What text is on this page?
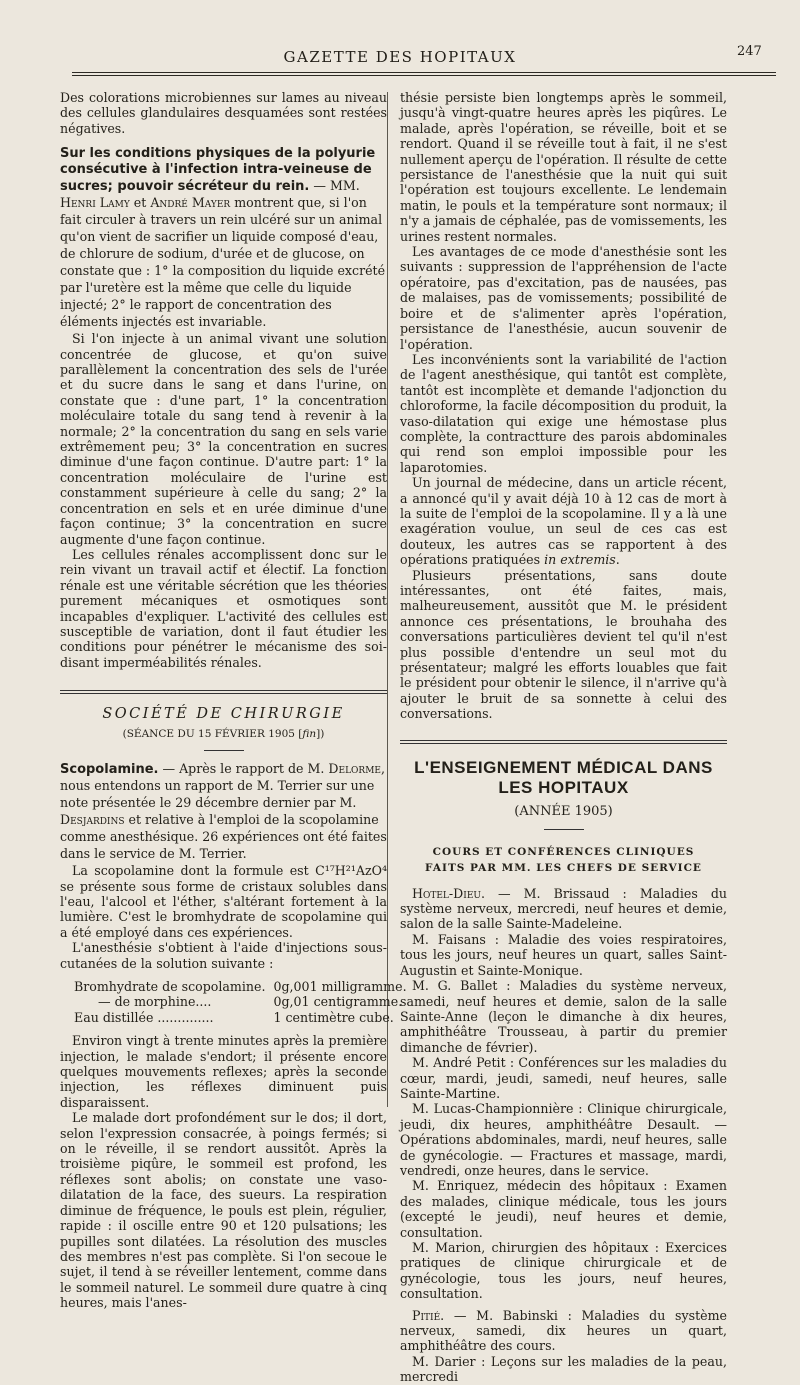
GAZETTE DES HOPITAUX	247

Des colorations microbiennes sur lames au niveau des cellules glandulaires desquamées sont restées négatives.

Sur les conditions physiques de la polyurie consécutive à l'infection intra-veineuse de sucres; pouvoir sécréteur du rein. — MM. Henri Lamy et André Mayer montrent que, si l'on fait circuler à travers un rein ulcéré sur un animal qu'on vient de sacrifier un liquide composé d'eau, de chlorure de sodium, d'urée et de glucose, on constate que : 1° la composition du liquide excrété par l'uretère est la même que celle du liquide injecté; 2° le rapport de concentration des éléments injectés est invariable.

Si l'on injecte à un animal vivant une solution concentrée de glucose, et qu'on suive parallèlement la concentration des sels de l'urée et du sucre dans le sang et dans l'urine, on constate que : d'une part, 1° la concentration moléculaire totale du sang tend à revenir à la normale; 2° la concentration du sang en sels varie extrêmement peu; 3° la concentration en sucres diminue d'une façon continue. D'autre part: 1° la concentration moléculaire de l'urine est constamment supérieure à celle du sang; 2° la concentration en sels et en urée diminue d'une façon continue; 3° la concentration en sucre augmente d'une façon continue.

Les cellules rénales accomplissent donc sur le rein vivant un travail actif et électif. La fonction rénale est une véritable sécrétion que les théories purement mécaniques et osmotiques sont incapables d'expliquer. L'activité des cellules est susceptible de variation, dont il faut étudier les conditions pour pénétrer le mécanisme des soi-disant imperméabilités rénales.

SOCIÉTÉ DE CHIRURGIE
(SÉANCE DU 15 FÉVRIER 1905 [fin])
Scopolamine. — Après le rapport de M. Delorme, nous entendons un rapport de M. Terrier sur une note présentée le 29 décembre dernier par M. Desjardins et relative à l'emploi de la scopolamine comme anesthésique. 26 expériences ont été faites dans le service de M. Terrier.

La scopolamine dont la formule est C¹⁷H²¹AzO⁴ se présente sous forme de cristaux solubles dans l'eau, l'alcool et l'éther, s'altérant fortement à la lumière. C'est le bromhydrate de scopolamine qui a été employé dans ces expériences.

L'anesthésie s'obtient à l'aide d'injections sous-cutanées de la solution suivante :

Bromhydrate de scopolamine.	0g,001 milligramme.
— de morphine....	0g,01 centigramme.
Eau distillée ..............	1 centimètre cube.

Environ vingt à trente minutes après la première injection, le malade s'endort; il présente encore quelques mouvements reflexes; après la seconde injection, les réflexes diminuent puis disparaissent.

Le malade dort profondément sur le dos; il dort, selon l'expression consacrée, à poings fermés; si on le réveille, il se rendort aussitôt. Après la troisième piqûre, le sommeil est profond, les réflexes sont abolis; on constate une vaso-dilatation de la face, des sueurs. La respiration diminue de fréquence, le pouls est plein, régulier, rapide : il oscille entre 90 et 120 pulsations; les pupilles sont dilatées. La résolution des muscles des membres n'est pas complète. Si l'on secoue le sujet, il tend à se réveiller lentement, comme dans le sommeil naturel. Le sommeil dure quatre à cinq heures, mais l'anes-

thésie persiste bien longtemps après le sommeil, jusqu'à vingt-quatre heures après les piqûres. Le malade, après l'opération, se réveille, boit et se rendort. Quand il se réveille tout à fait, il ne s'est nullement aperçu de l'opération. Il résulte de cette persistance de l'anesthésie que la nuit qui suit l'opération est toujours excellente. Le lendemain matin, le pouls et la température sont normaux; il n'y a jamais de céphalée, pas de vomissements, les urines restent normales.

Les avantages de ce mode d'anesthésie sont les suivants : suppression de l'appréhension de l'acte opératoire, pas d'excitation, pas de nausées, pas de malaises, pas de vomissements; possibilité de boire et de s'alimenter après l'opération, persistance de l'anesthésie, aucun souvenir de l'opération.

Les inconvénients sont la variabilité de l'action de l'agent anesthésique, qui tantôt est complète, tantôt est incomplète et demande l'adjonction du chloroforme, la facile décomposition du produit, la vaso-dilatation qui exige une hémostase plus complète, la contractture des parois abdominales qui rend son emploi impossible pour les laparotomies.

Un journal de médecine, dans un article récent, a annoncé qu'il y avait déjà 10 à 12 cas de mort à la suite de l'emploi de la scopolamine. Il y a là une exagération voulue, un seul de ces cas est douteux, les autres cas se rapportent à des opérations pratiquées in extremis.

Plusieurs présentations, sans doute intéressantes, ont été faites, mais, malheureusement, aussitôt que M. le président annonce ces présentations, le brouhaha des conversations particulières devient tel qu'il n'est plus possible d'entendre un seul mot du présentateur; malgré les efforts louables que fait le président pour obtenir le silence, il n'arrive qu'à ajouter le bruit de sa sonnette à celui des conversations.

L'ENSEIGNEMENT MÉDICAL DANS LES HOPITAUX
(ANNÉE 1905)
COURS ET CONFÉRENCES CLINIQUES
FAITS PAR MM. LES CHEFS DE SERVICE

Hotel-Dieu. — M. Brissaud : Maladies du système nerveux, mercredi, neuf heures et demie, salon de la salle Sainte-Madeleine.

M. Faisans : Maladie des voies respiratoires, tous les jours, neuf heures un quart, salles Saint-Augustin et Sainte-Monique.

M. G. Ballet : Maladies du système nerveux, samedi, neuf heures et demie, salon de la salle Sainte-Anne (leçon le dimanche à dix heures, amphithéâtre Trousseau, à partir du premier dimanche de février).

M. André Petit : Conférences sur les maladies du cœur, mardi, jeudi, samedi, neuf heures, salle Sainte-Martine.

M. Lucas-Championnière : Clinique chirurgicale, jeudi, dix heures, amphithéâtre Desault. — Opérations abdominales, mardi, neuf heures, salle de gynécologie. — Fractures et massage, mardi, vendredi, onze heures, dans le service.

M. Enriquez, médecin des hôpitaux : Examen des malades, clinique médicale, tous les jours (excepté le jeudi), neuf heures et demie, consultation.

M. Marion, chirurgien des hôpitaux : Exercices pratiques de clinique chirurgicale et de gynécologie, tous les jours, neuf heures, consultation.

Pitié. — M. Babinski : Maladies du système nerveux, samedi, dix heures un quart, amphithéâtre des cours.

M. Darier : Leçons sur les maladies de la peau, mercredi
